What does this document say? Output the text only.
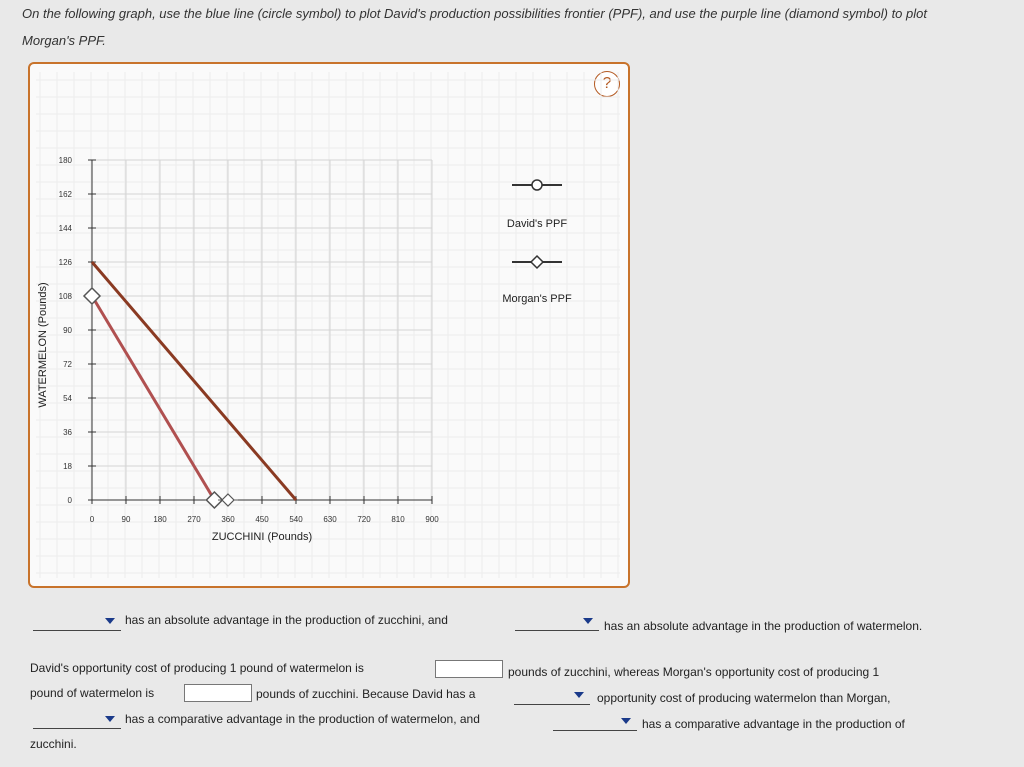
On the following graph, use the blue line (circle symbol) to plot David's production possibilities frontier (PPF), and use the purple line (diamond symbol) to plot Morgan's PPF.
?
0	90	180	270	360	450	540	630	720	810	900
0
18
36
54
72
90
108
126
144
162
180
ZUCCHINI (Pounds)
WATERMELON (Pounds)
David's PPF
Morgan's PPF
has an absolute advantage in the production of zucchini, and	has an absolute advantage in the production of watermelon.
David's opportunity cost of producing 1 pound of watermelon is	pounds of zucchini, whereas Morgan's opportunity cost of producing 1
pound of watermelon is	pounds of zucchini. Because David has a	opportunity cost of producing watermelon than Morgan,
has a comparative advantage in the production of watermelon, and	has a comparative advantage in the production of
zucchini.
